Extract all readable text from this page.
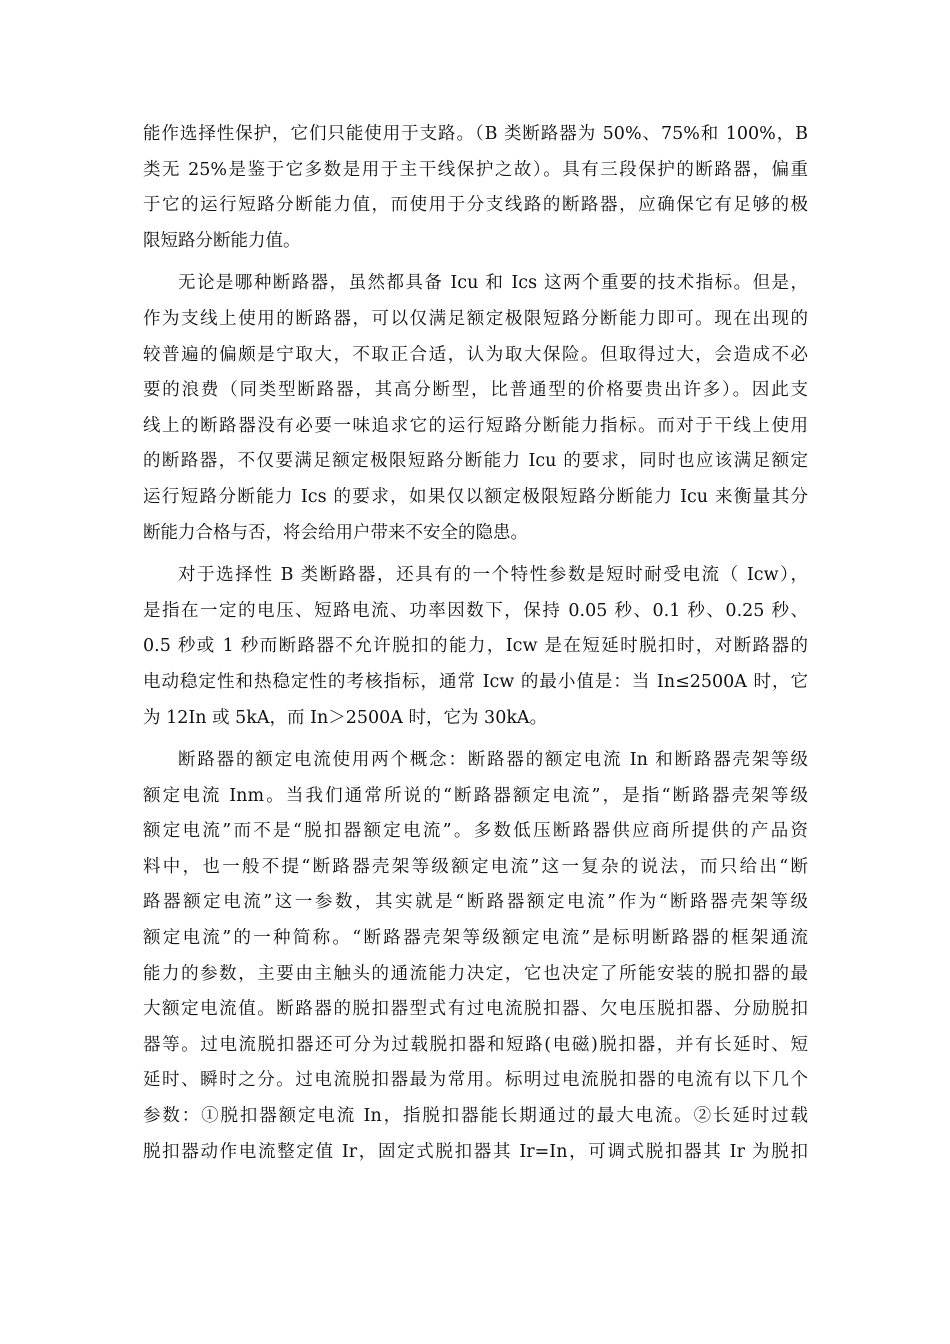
能作选择性保护，它们只能使用于支路。（B 类断路器为 50%、75%和 100%，B
类无 25%是鉴于它多数是用于主干线保护之故）。具有三段保护的断路器，偏重
于它的运行短路分断能力值，而使用于分支线路的断路器，应确保它有足够的极
限短路分断能力值。
无论是哪种断路器，虽然都具备 Icu 和 Ics 这两个重要的技术指标。但是，
作为支线上使用的断路器，可以仅满足额定极限短路分断能力即可。现在出现的
较普遍的偏颇是宁取大，不取正合适，认为取大保险。但取得过大，会造成不必
要的浪费（同类型断路器，其高分断型，比普通型的价格要贵出许多）。因此支
线上的断路器没有必要一味追求它的运行短路分断能力指标。而对于干线上使用
的断路器，不仅要满足额定极限短路分断能力 Icu 的要求，同时也应该满足额定
运行短路分断能力 Ics 的要求，如果仅以额定极限短路分断能力 Icu 来衡量其分
断能力合格与否，将会给用户带来不安全的隐患。
对于选择性 B 类断路器，还具有的一个特性参数是短时耐受电流（ Icw），
是指在一定的电压、短路电流、功率因数下，保持 0.05 秒、0.1 秒、0.25 秒、
0.5 秒或 1 秒而断路器不允许脱扣的能力，Icw 是在短延时脱扣时，对断路器的
电动稳定性和热稳定性的考核指标，通常 Icw 的最小值是：当 In≤2500A 时，它
为 12In 或 5kA，而 In＞2500A 时，它为 30kA。
断路器的额定电流使用两个概念：断路器的额定电流 In 和断路器壳架等级
额定电流 Inm。当我们通常所说的“断路器额定电流”，是指“断路器壳架等级
额定电流”而不是“脱扣器额定电流”。多数低压断路器供应商所提供的产品资
料中，也一般不提“断路器壳架等级额定电流”这一复杂的说法，而只给出“断
路器额定电流”这一参数，其实就是“断路器额定电流”作为“断路器壳架等级
额定电流”的一种简称。“断路器壳架等级额定电流”是标明断路器的框架通流
能力的参数，主要由主触头的通流能力决定，它也决定了所能安装的脱扣器的最
大额定电流值。断路器的脱扣器型式有过电流脱扣器、欠电压脱扣器、分励脱扣
器等。过电流脱扣器还可分为过载脱扣器和短路(电磁)脱扣器，并有长延时、短
延时、瞬时之分。过电流脱扣器最为常用。标明过电流脱扣器的电流有以下几个
参数：①脱扣器额定电流 In，指脱扣器能长期通过的最大电流。②长延时过载
脱扣器动作电流整定值 Ir，固定式脱扣器其 Ir=In，可调式脱扣器其 Ir 为脱扣
